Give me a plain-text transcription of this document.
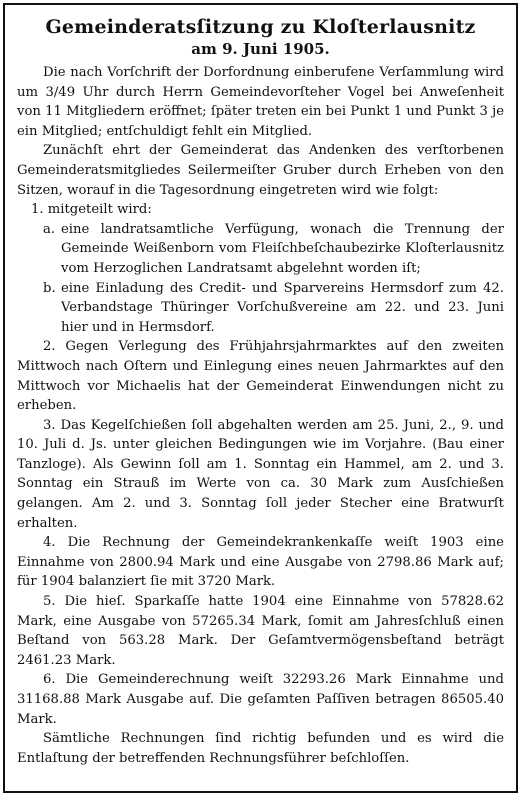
Gemeinderatsſitzung zu Kloſterlausnitz
am 9. Juni 1905.

Die nach Vorſchrift der Dorfordnung einberufene Verſammlung wird um 3/49 Uhr durch Herrn Gemeindevorſteher Vogel bei Anweſenheit von 11 Mitgliedern eröffnet; ſpäter treten ein bei Punkt 1 und Punkt 3 je ein Mitglied; entſchuldigt fehlt ein Mitglied.

Zunächſt ehrt der Gemeinderat das Andenken des verſtorbenen Gemeinderatsmitgliedes Seilermeiſter Gruber durch Erheben von den Sitzen, worauf in die Tagesordnung eingetreten wird wie folgt:

1. mitgeteilt wird:

a. eine landratsamtliche Verfügung, wonach die Trennung der Gemeinde Weißenborn vom Fleiſchbeſchaubezirke Kloſterlausnitz vom Herzoglichen Landratsamt abgelehnt worden iſt;

b. eine Einladung des Credit- und Sparvereins Hermsdorf zum 42. Verbandstage Thüringer Vorſchußvereine am 22. und 23. Juni hier und in Hermsdorf.

2. Gegen Verlegung des Frühjahrsjahrmarktes auf den zweiten Mittwoch nach Oſtern und Einlegung eines neuen Jahrmarktes auf den Mittwoch vor Michaelis hat der Gemeinderat Einwendungen nicht zu erheben.

3. Das Kegelſchießen ſoll abgehalten werden am 25. Juni, 2., 9. und 10. Juli d. Js. unter gleichen Bedingungen wie im Vorjahre. (Bau einer Tanzloge). Als Gewinn ſoll am 1. Sonntag ein Hammel, am 2. und 3. Sonntag ein Strauß im Werte von ca. 30 Mark zum Ausſchießen gelangen. Am 2. und 3. Sonntag ſoll jeder Stecher eine Bratwurſt erhalten.

4. Die Rechnung der Gemeindekrankenkaſſe weiſt 1903 eine Einnahme von 2800.94 Mark und eine Ausgabe von 2798.86 Mark auf; für 1904 balanziert ſie mit 3720 Mark.

5. Die hieſ. Sparkaſſe hatte 1904 eine Einnahme von 57828.62 Mark, eine Ausgabe von 57265.34 Mark, ſomit am Jahresſchluß einen Beſtand von 563.28 Mark. Der Geſamtvermögensbeſtand beträgt 2461.23 Mark.

6. Die Gemeinderechnung weiſt 32293.26 Mark Einnahme und 31168.88 Mark Ausgabe auf. Die geſamten Paſſiven betragen 86505.40 Mark.

Sämtliche Rechnungen ſind richtig befunden und es wird die Entlaſtung der betreffenden Rechnungsführer beſchloſſen.
